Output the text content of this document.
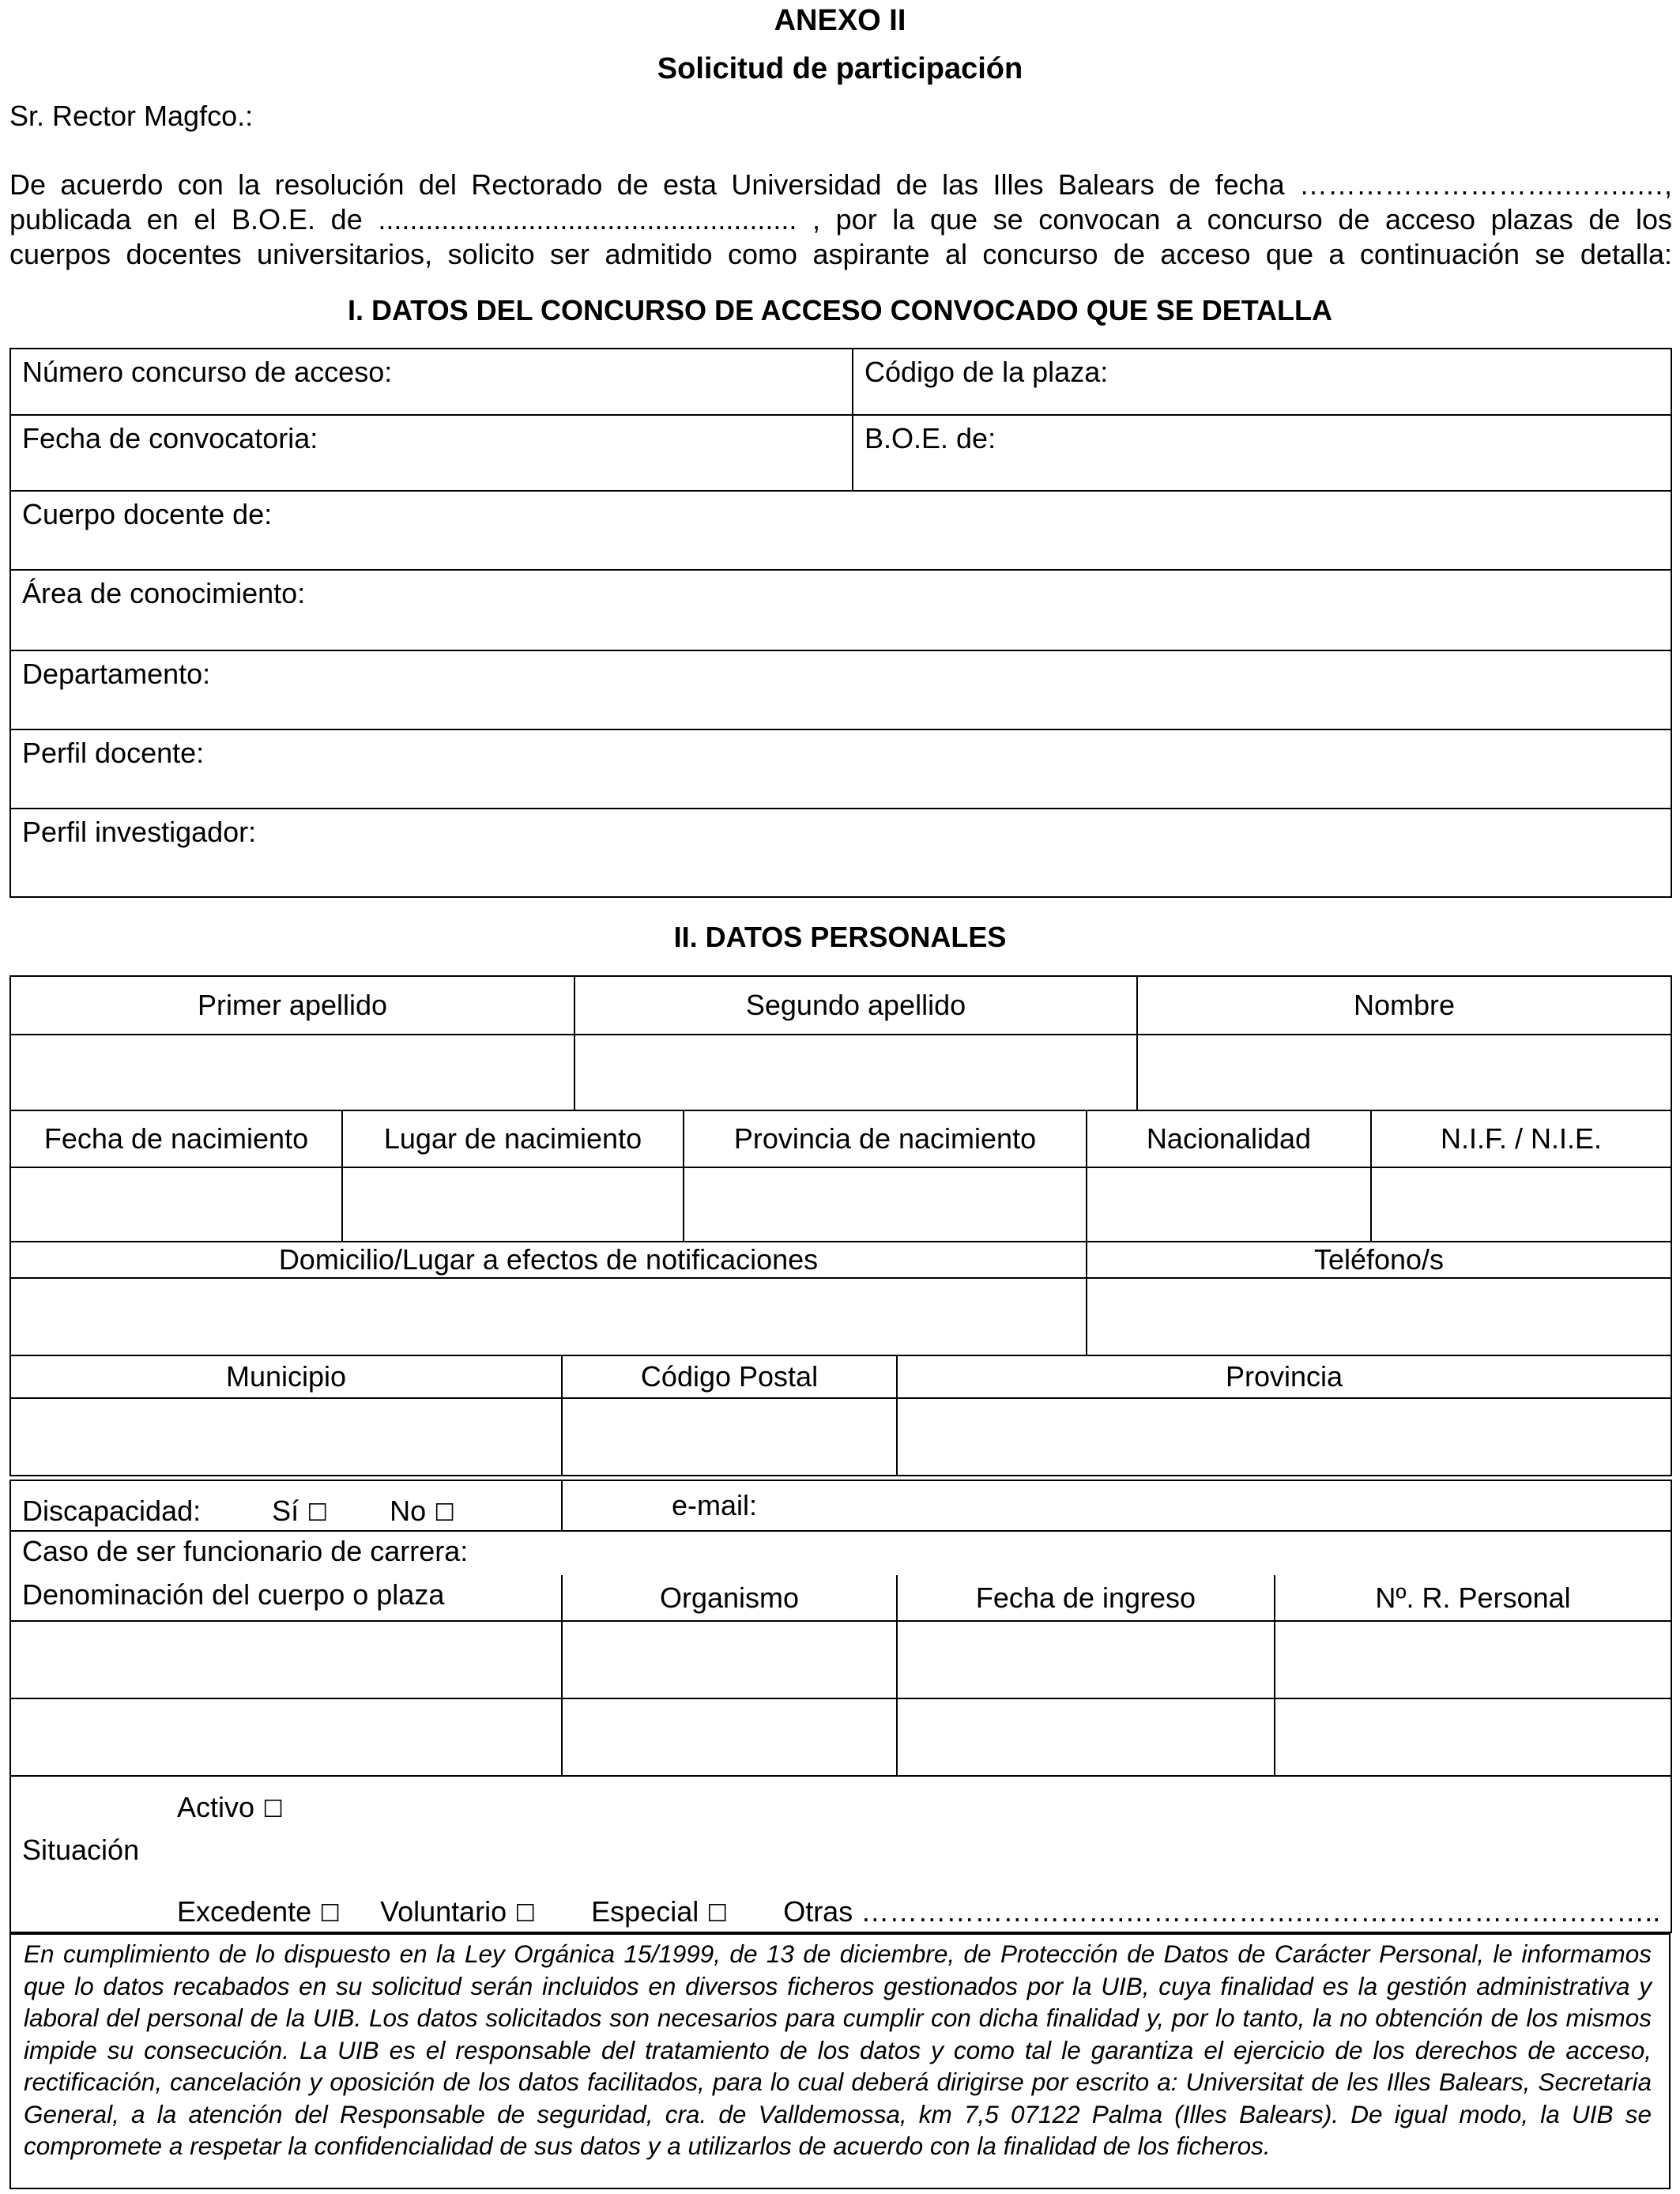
ANEXO II
Solicitud de participación
Sr. Rector Magfco.:
De acuerdo con la resolución del Rectorado de esta Universidad de las Illes Balears de fecha ……………………….……..…,
publicada en el B.O.E. de ..................................................... , por la que se convocan a concurso de acceso plazas de los
cuerpos docentes universitarios, solicito ser admitido como aspirante al concurso de acceso que a continuación se detalla:
I. DATOS DEL CONCURSO DE ACCESO CONVOCADO QUE SE DETALLA
Número concurso de acceso:	Código de la plaza:

Fecha de convocatoria:	B.O.E. de:

Cuerpo docente de:	

Área de conocimiento:	

Departamento:	

Perfil docente:	

Perfil investigador:	
II. DATOS PERSONALES
Primer apellido	Segundo apellido	Nombre

Fecha de nacimiento	Lugar de nacimiento	Provincia de nacimiento	Nacionalidad	N.I.F. / N.I.E.

Domicilio/Lugar a efectos de notificaciones	Teléfono/s

Municipio	Código Postal	Provincia

Discapacidad:	Sí ☐ No ☐	e-mail:
Caso de ser funcionario de carrera:			

Denominación del cuerpo o plaza	Organismo	Fecha de ingreso	Nº. R. Personal

Situación
Activo ☐
Excedente ☐ Voluntario ☐ Especial ☐ Otras ……………………….……………….………………………………..			
En cumplimiento de lo dispuesto en la Ley Orgánica 15/1999, de 13 de diciembre, de Protección de Datos de Carácter Personal, le informamos que lo datos recabados en su solicitud serán incluidos en diversos ficheros gestionados por la UIB, cuya finalidad es la gestión administrativa y laboral del personal de la UIB. Los datos solicitados son necesarios para cumplir con dicha finalidad y, por lo tanto, la no obtención de los mismos impide su consecución. La UIB es el responsable del tratamiento de los datos y como tal le garantiza el ejercicio de los derechos de acceso, rectificación, cancelación y oposición de los datos facilitados, para lo cual deberá dirigirse por escrito a: Universitat de les Illes Balears, Secretaria General, a la atención del Responsable de seguridad, cra. de Valldemossa, km 7,5 07122 Palma (Illes Balears). De igual modo, la UIB se compromete a respetar la confidencialidad de sus datos y a utilizarlos de acuerdo con la finalidad de los ficheros.
